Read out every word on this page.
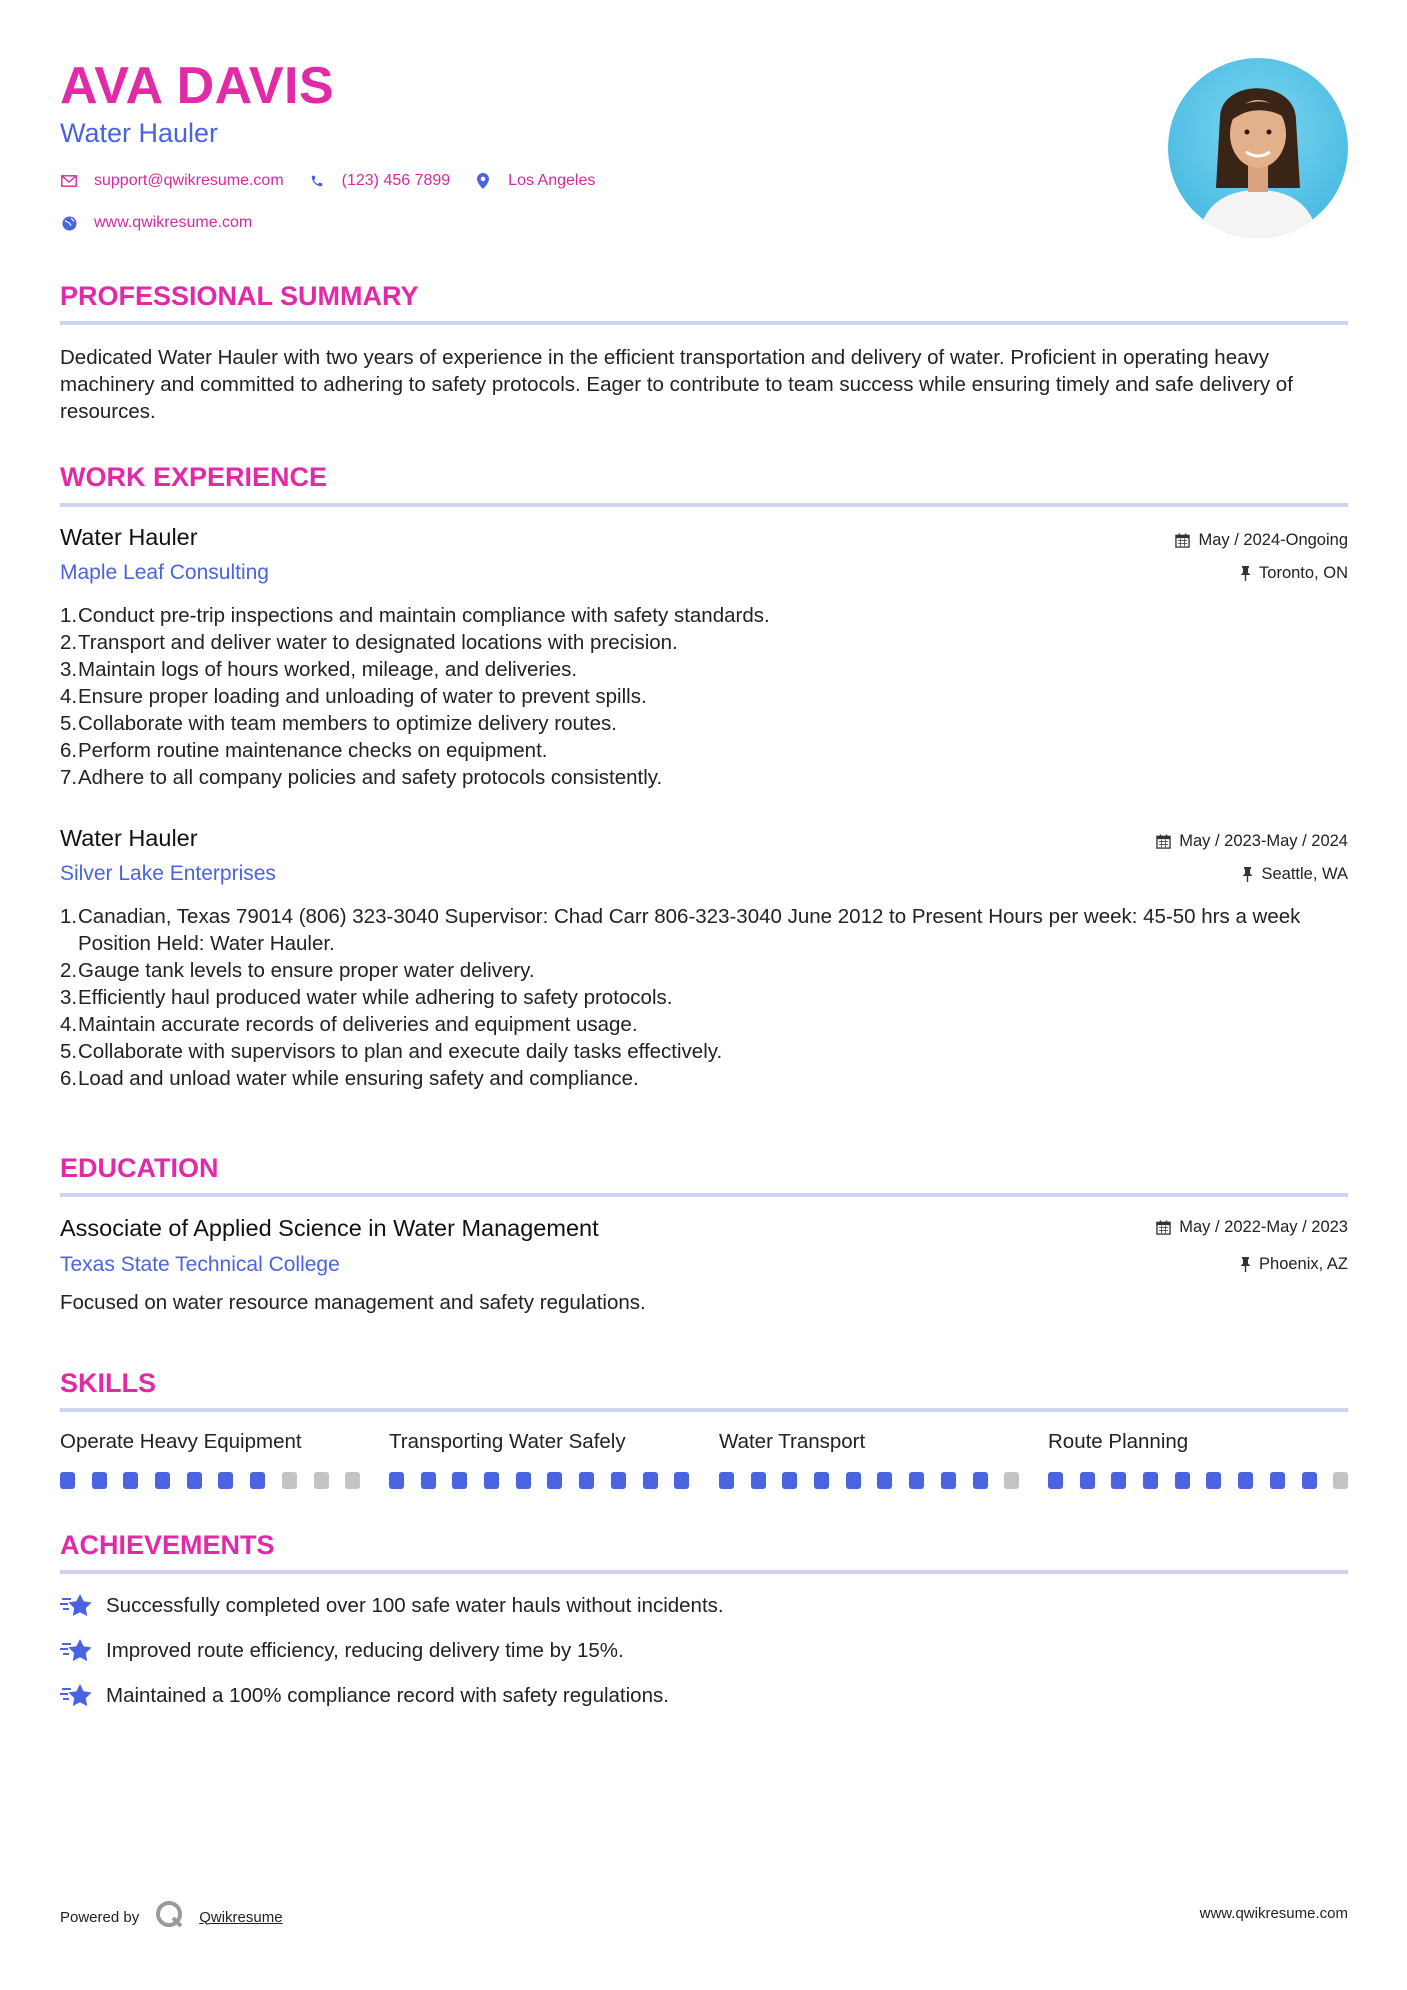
AVA DAVIS
Water Hauler
support@qwikresume.com	(123) 456 7899	Los Angeles
www.qwikresume.com
PROFESSIONAL SUMMARY
Dedicated Water Hauler with two years of experience in the efficient transportation and delivery of water. Proficient in operating heavy machinery and committed to adhering to safety protocols. Eager to contribute to team success while ensuring timely and safe delivery of resources.
WORK EXPERIENCE
Water Hauler
Maple Leaf Consulting
May / 2024-Ongoing
Toronto, ON
1. Conduct pre-trip inspections and maintain compliance with safety standards.
2. Transport and deliver water to designated locations with precision.
3. Maintain logs of hours worked, mileage, and deliveries.
4. Ensure proper loading and unloading of water to prevent spills.
5. Collaborate with team members to optimize delivery routes.
6. Perform routine maintenance checks on equipment.
7. Adhere to all company policies and safety protocols consistently.
Water Hauler
Silver Lake Enterprises
May / 2023-May / 2024
Seattle, WA
1. Canadian, Texas 79014 (806) 323-3040 Supervisor: Chad Carr 806-323-3040 June 2012 to Present Hours per week: 45-50 hrs a week Position Held: Water Hauler.
2. Gauge tank levels to ensure proper water delivery.
3. Efficiently haul produced water while adhering to safety protocols.
4. Maintain accurate records of deliveries and equipment usage.
5. Collaborate with supervisors to plan and execute daily tasks effectively.
6. Load and unload water while ensuring safety and compliance.
EDUCATION
Associate of Applied Science in Water Management
Texas State Technical College
May / 2022-May / 2023
Phoenix, AZ
Focused on water resource management and safety regulations.
SKILLS
Operate Heavy Equipment	Transporting Water Safely	Water Transport	Route Planning
ACHIEVEMENTS
Successfully completed over 100 safe water hauls without incidents.
Improved route efficiency, reducing delivery time by 15%.
Maintained a 100% compliance record with safety regulations.
Powered by	Qwikresume	www.qwikresume.com
